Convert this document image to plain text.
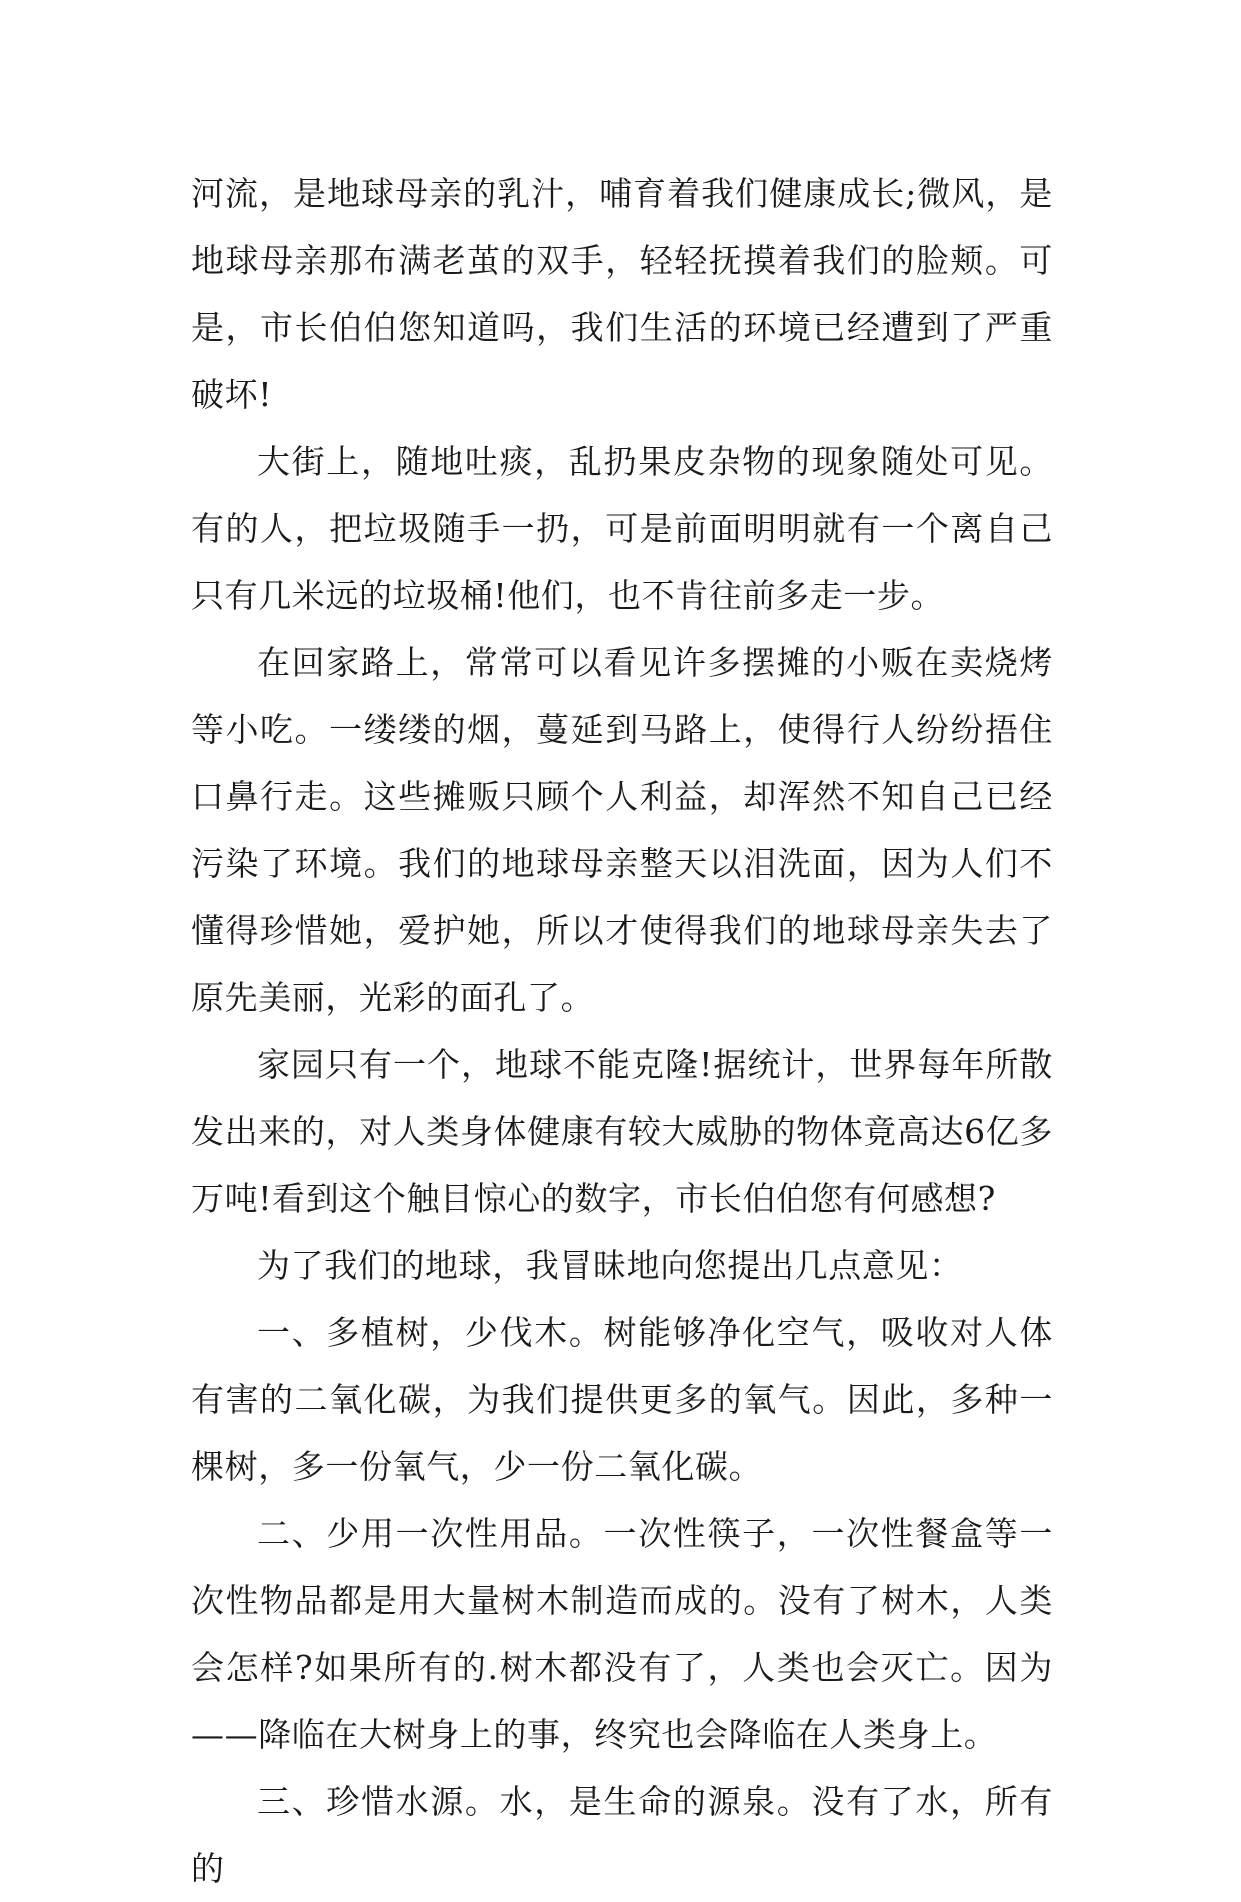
河流，是地球母亲的乳汁，哺育着我们健康成长;微风，是地球母亲那布满老茧的双手，轻轻抚摸着我们的脸颊。可是，市长伯伯您知道吗，我们生活的环境已经遭到了严重破坏!

大街上，随地吐痰，乱扔果皮杂物的现象随处可见。有的人，把垃圾随手一扔，可是前面明明就有一个离自己只有几米远的垃圾桶!他们，也不肯往前多走一步。

在回家路上，常常可以看见许多摆摊的小贩在卖烧烤等小吃。一缕缕的烟，蔓延到马路上，使得行人纷纷捂住口鼻行走。这些摊贩只顾个人利益，却浑然不知自己已经污染了环境。我们的地球母亲整天以泪洗面，因为人们不懂得珍惜她，爱护她，所以才使得我们的地球母亲失去了原先美丽，光彩的面孔了。

家园只有一个，地球不能克隆!据统计，世界每年所散发出来的，对人类身体健康有较大威胁的物体竟高达6亿多万吨!看到这个触目惊心的数字，市长伯伯您有何感想?

为了我们的地球，我冒昧地向您提出几点意见：

一、多植树，少伐木。树能够净化空气，吸收对人体有害的二氧化碳，为我们提供更多的氧气。因此，多种一棵树，多一份氧气，少一份二氧化碳。

二、少用一次性用品。一次性筷子，一次性餐盒等一次性物品都是用大量树木制造而成的。没有了树木，人类会怎样?如果所有的.树木都没有了，人类也会灭亡。因为——降临在大树身上的事，终究也会降临在人类身上。

三、珍惜水源。水，是生命的源泉。没有了水，所有的
